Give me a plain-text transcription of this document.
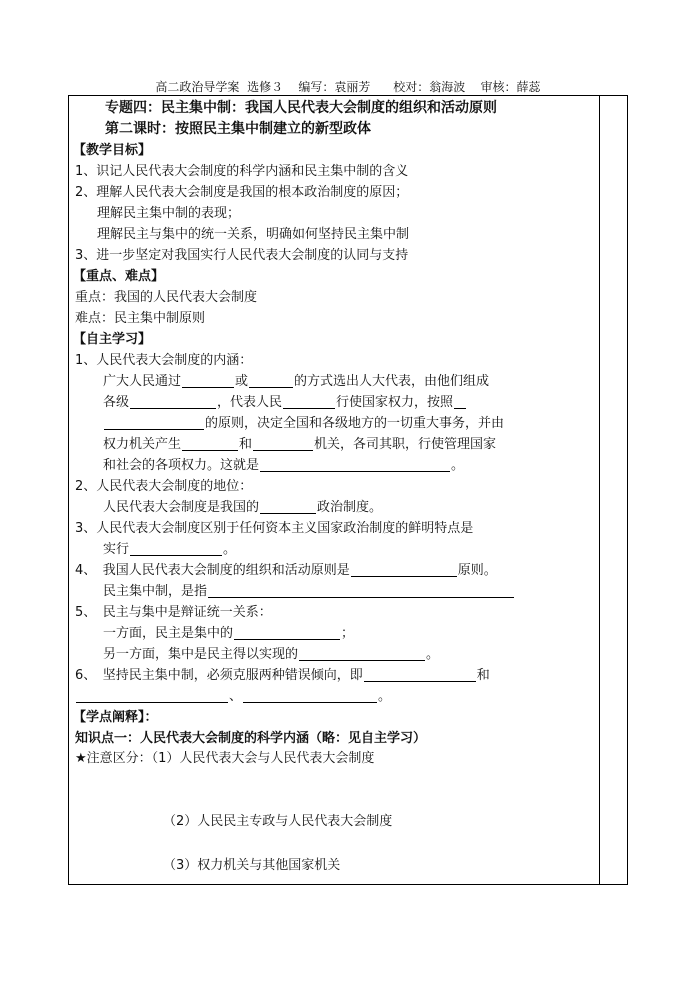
高二政治导学案 选修３ 编写：袁丽芳 校对：翁海波 审核：薛蕊
专题四：民主集中制：我国人民代表大会制度的组织和活动原则
第二课时：按照民主集中制建立的新型政体
【教学目标】
1、识记人民代表大会制度的科学内涵和民主集中制的含义
2、理解人民代表大会制度是我国的根本政治制度的原因；
理解民主集中制的表现；
理解民主与集中的统一关系，明确如何坚持民主集中制
3、进一步坚定对我国实行人民代表大会制度的认同与支持
【重点、难点】
重点：我国的人民代表大会制度
难点：民主集中制原则
【自主学习】
1、人民代表大会制度的内涵：
广大人民通过	或	的方式选出人大代表，由他们组成
各级	，代表人民	行使国家权力，按照
的原则，决定全国和各级地方的一切重大事务，并由
权力机关产生	和	机关，各司其职，行使管理国家
和社会的各项权力。这就是	。
2、人民代表大会制度的地位：
人民代表大会制度是我国的	政治制度。
3、人民代表大会制度区别于任何资本主义国家政治制度的鲜明特点是
实行	。
4、　我国人民代表大会制度的组织和活动原则是	原则。
民主集中制，是指
5、　民主与集中是辩证统一关系：
一方面，民主是集中的	；
另一方面，集中是民主得以实现的	。
6、　坚持民主集中制，必须克服两种错误倾向，即	和
、	。
【学点阐释】：
知识点一：人民代表大会制度的科学内涵（略：见自主学习）
★注意区分：（1）人民代表大会与人民代表大会制度
（2）人民民主专政与人民代表大会制度
（3）权力机关与其他国家机关
